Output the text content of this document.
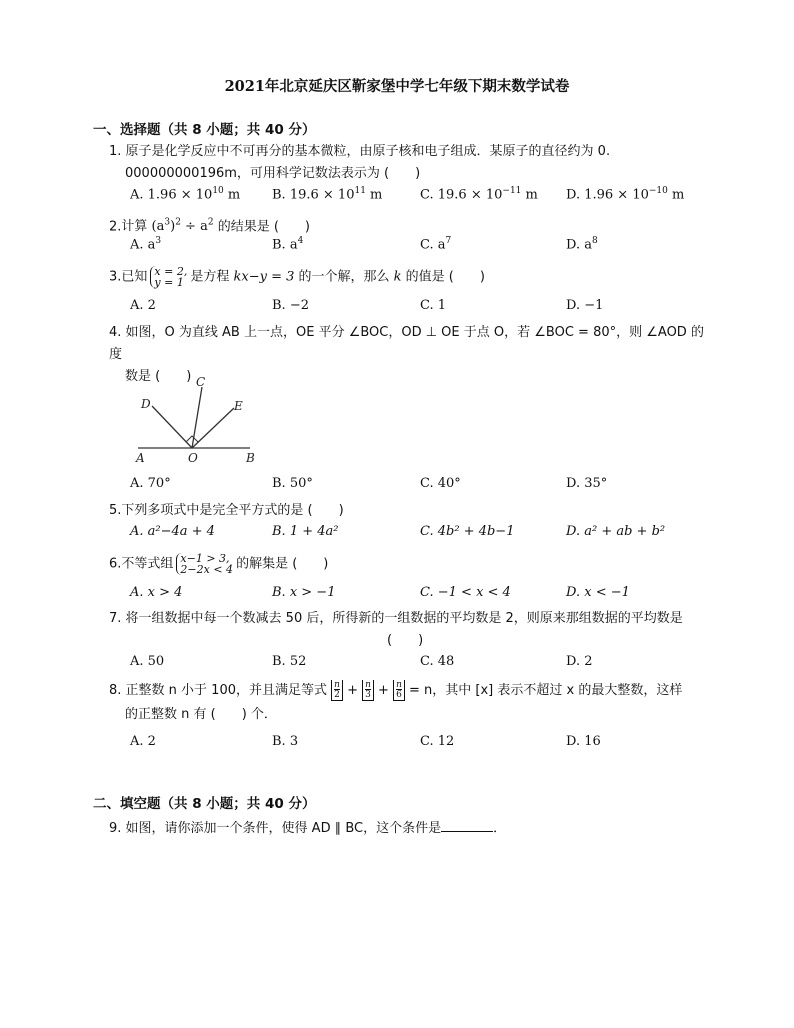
2021年北京延庆区靳家堡中学七年级下期末数学试卷
一、选择题（共 8 小题；共 40 分）
1. 原子是化学反应中不可再分的基本微粒，由原子核和电子组成．某原子的直径约为 0.
000000000196m，可用科学记数法表示为 (　　)
A. $1.96 \times 10^{10}$ m B. $19.6 \times 10^{11}$ m	C. $19.6 \times 10^{-11}$ m D. $1.96 \times 10^{-10}$ m
2.计算 $(a^3)^2 \div a^2$ 的结果是 (　　)
A. $a^3$	B. $a^4$	C. $a^7$	D. $a^8$
3.已知 x = 2,
y = 1 是方程 kx−y = 3 的一个解，那么 k 的值是 (　　)
A. 2	B. −2	C. 1	D. −1
4. 如图，O 为直线 AB 上一点，OE 平分 ∠BOC，OD ⊥ OE 于点 O，若 ∠BOC = 80°，则 ∠AOD 的度
数是 (　　) C
D	E
A	O	B
A. 70°	B. 50°	C. 40°	D. 35°
5.下列多项式中是完全平方式的是 (　　)
A. a²−4a + 4	B. 1 + 4a²	C. 4b² + 4b−1	D. a² + ab + b²
6.不等式组 x−1 > 3,
2−2x < 4 的解集是 (　　)
A. x > 4	B. x > −1	C. −1 < x < 4	D. x < −1
7. 将一组数据中每一个数减去 50 后，所得新的一组数据的平均数是 2，则原来那组数据的平均数是
(　　)
A. 50	B. 52	C. 48	D. 2
8. 正整数 n 小于 100，并且满足等式 $\frac{n}{2} + \frac{n}{3} + \frac{n}{6} = n$，其中 [x] 表示不超过 x 的最大整数，这样
的正整数 n 有 (　　) 个．
A. 2	B. 3	C. 12	D. 16
二、填空题（共 8 小题；共 40 分）
9. 如图，请你添加一个条件，使得 AD ∥ BC，这个条件是	．
